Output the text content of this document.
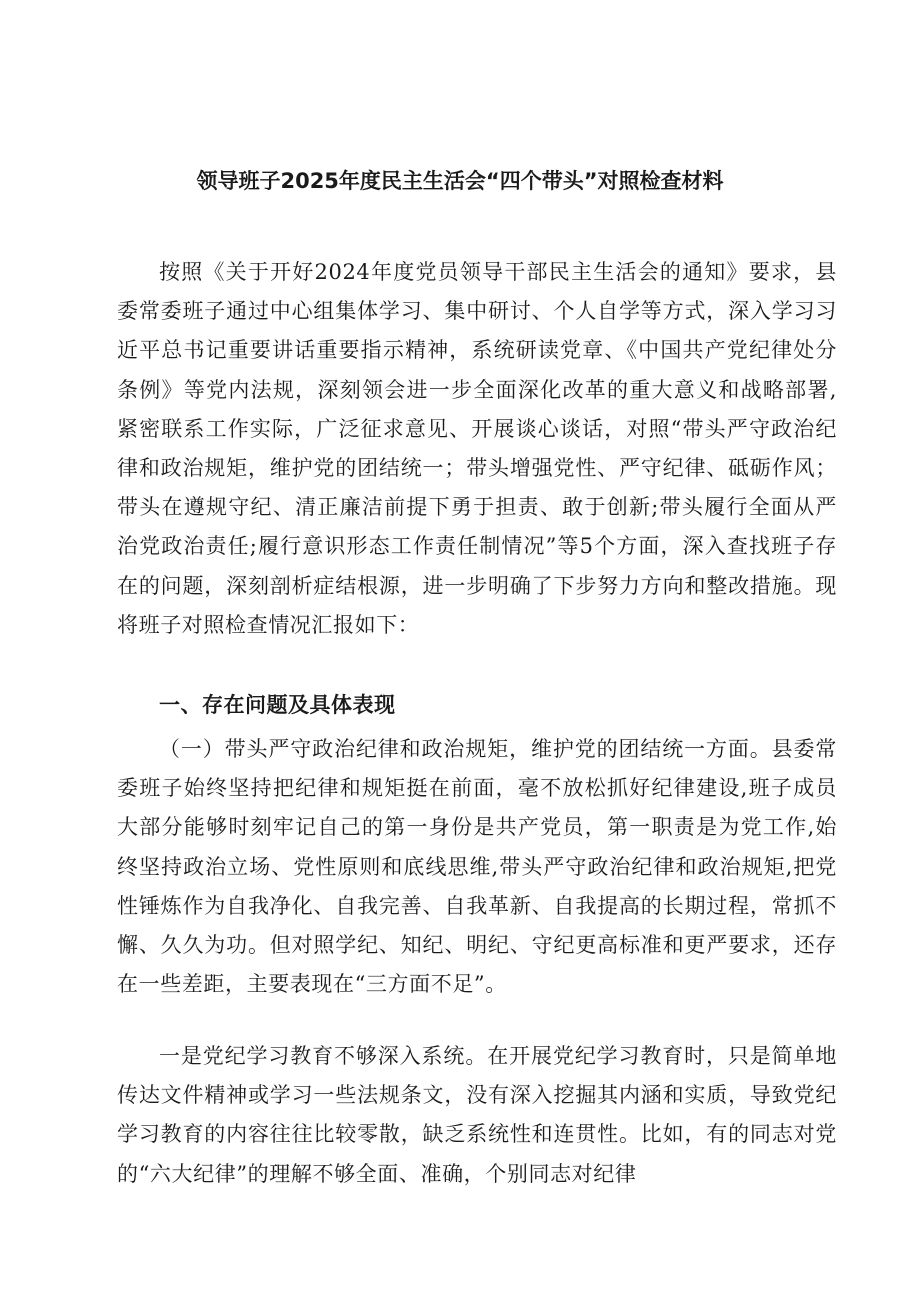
领导班子2025年度民主生活会“四个带头”对照检查材料

按照《关于开好2024年度党员领导干部民主生活会的通知》要求，县委常委班子通过中心组集体学习、集中研讨、个人自学等方式，深入学习习近平总书记重要讲话重要指示精神，系统研读党章、《中国共产党纪律处分条例》等党内法规，深刻领会进一步全面深化改革的重大意义和战略部署,紧密联系工作实际，广泛征求意见、开展谈心谈话，对照“带头严守政治纪律和政治规矩，维护党的团结统一；带头增强党性、严守纪律、砥砺作风；带头在遵规守纪、清正廉洁前提下勇于担责、敢于创新;带头履行全面从严治党政治责任;履行意识形态工作责任制情况”等5个方面，深入查找班子存在的问题，深刻剖析症结根源，进一步明确了下步努力方向和整改措施。现将班子对照检查情况汇报如下：

一、存在问题及具体表现

（一）带头严守政治纪律和政治规矩，维护党的团结统一方面。县委常委班子始终坚持把纪律和规矩挺在前面，毫不放松抓好纪律建设,班子成员大部分能够时刻牢记自己的第一身份是共产党员，第一职责是为党工作,始终坚持政治立场、党性原则和底线思维,带头严守政治纪律和政治规矩,把党性锤炼作为自我净化、自我完善、自我革新、自我提高的长期过程，常抓不懈、久久为功。但对照学纪、知纪、明纪、守纪更高标准和更严要求，还存在一些差距，主要表现在“三方面不足”。

一是党纪学习教育不够深入系统。在开展党纪学习教育时，只是简单地传达文件精神或学习一些法规条文，没有深入挖掘其内涵和实质，导致党纪学习教育的内容往往比较零散，缺乏系统性和连贯性。比如，有的同志对党的“六大纪律”的理解不够全面、准确，个别同志对纪律
